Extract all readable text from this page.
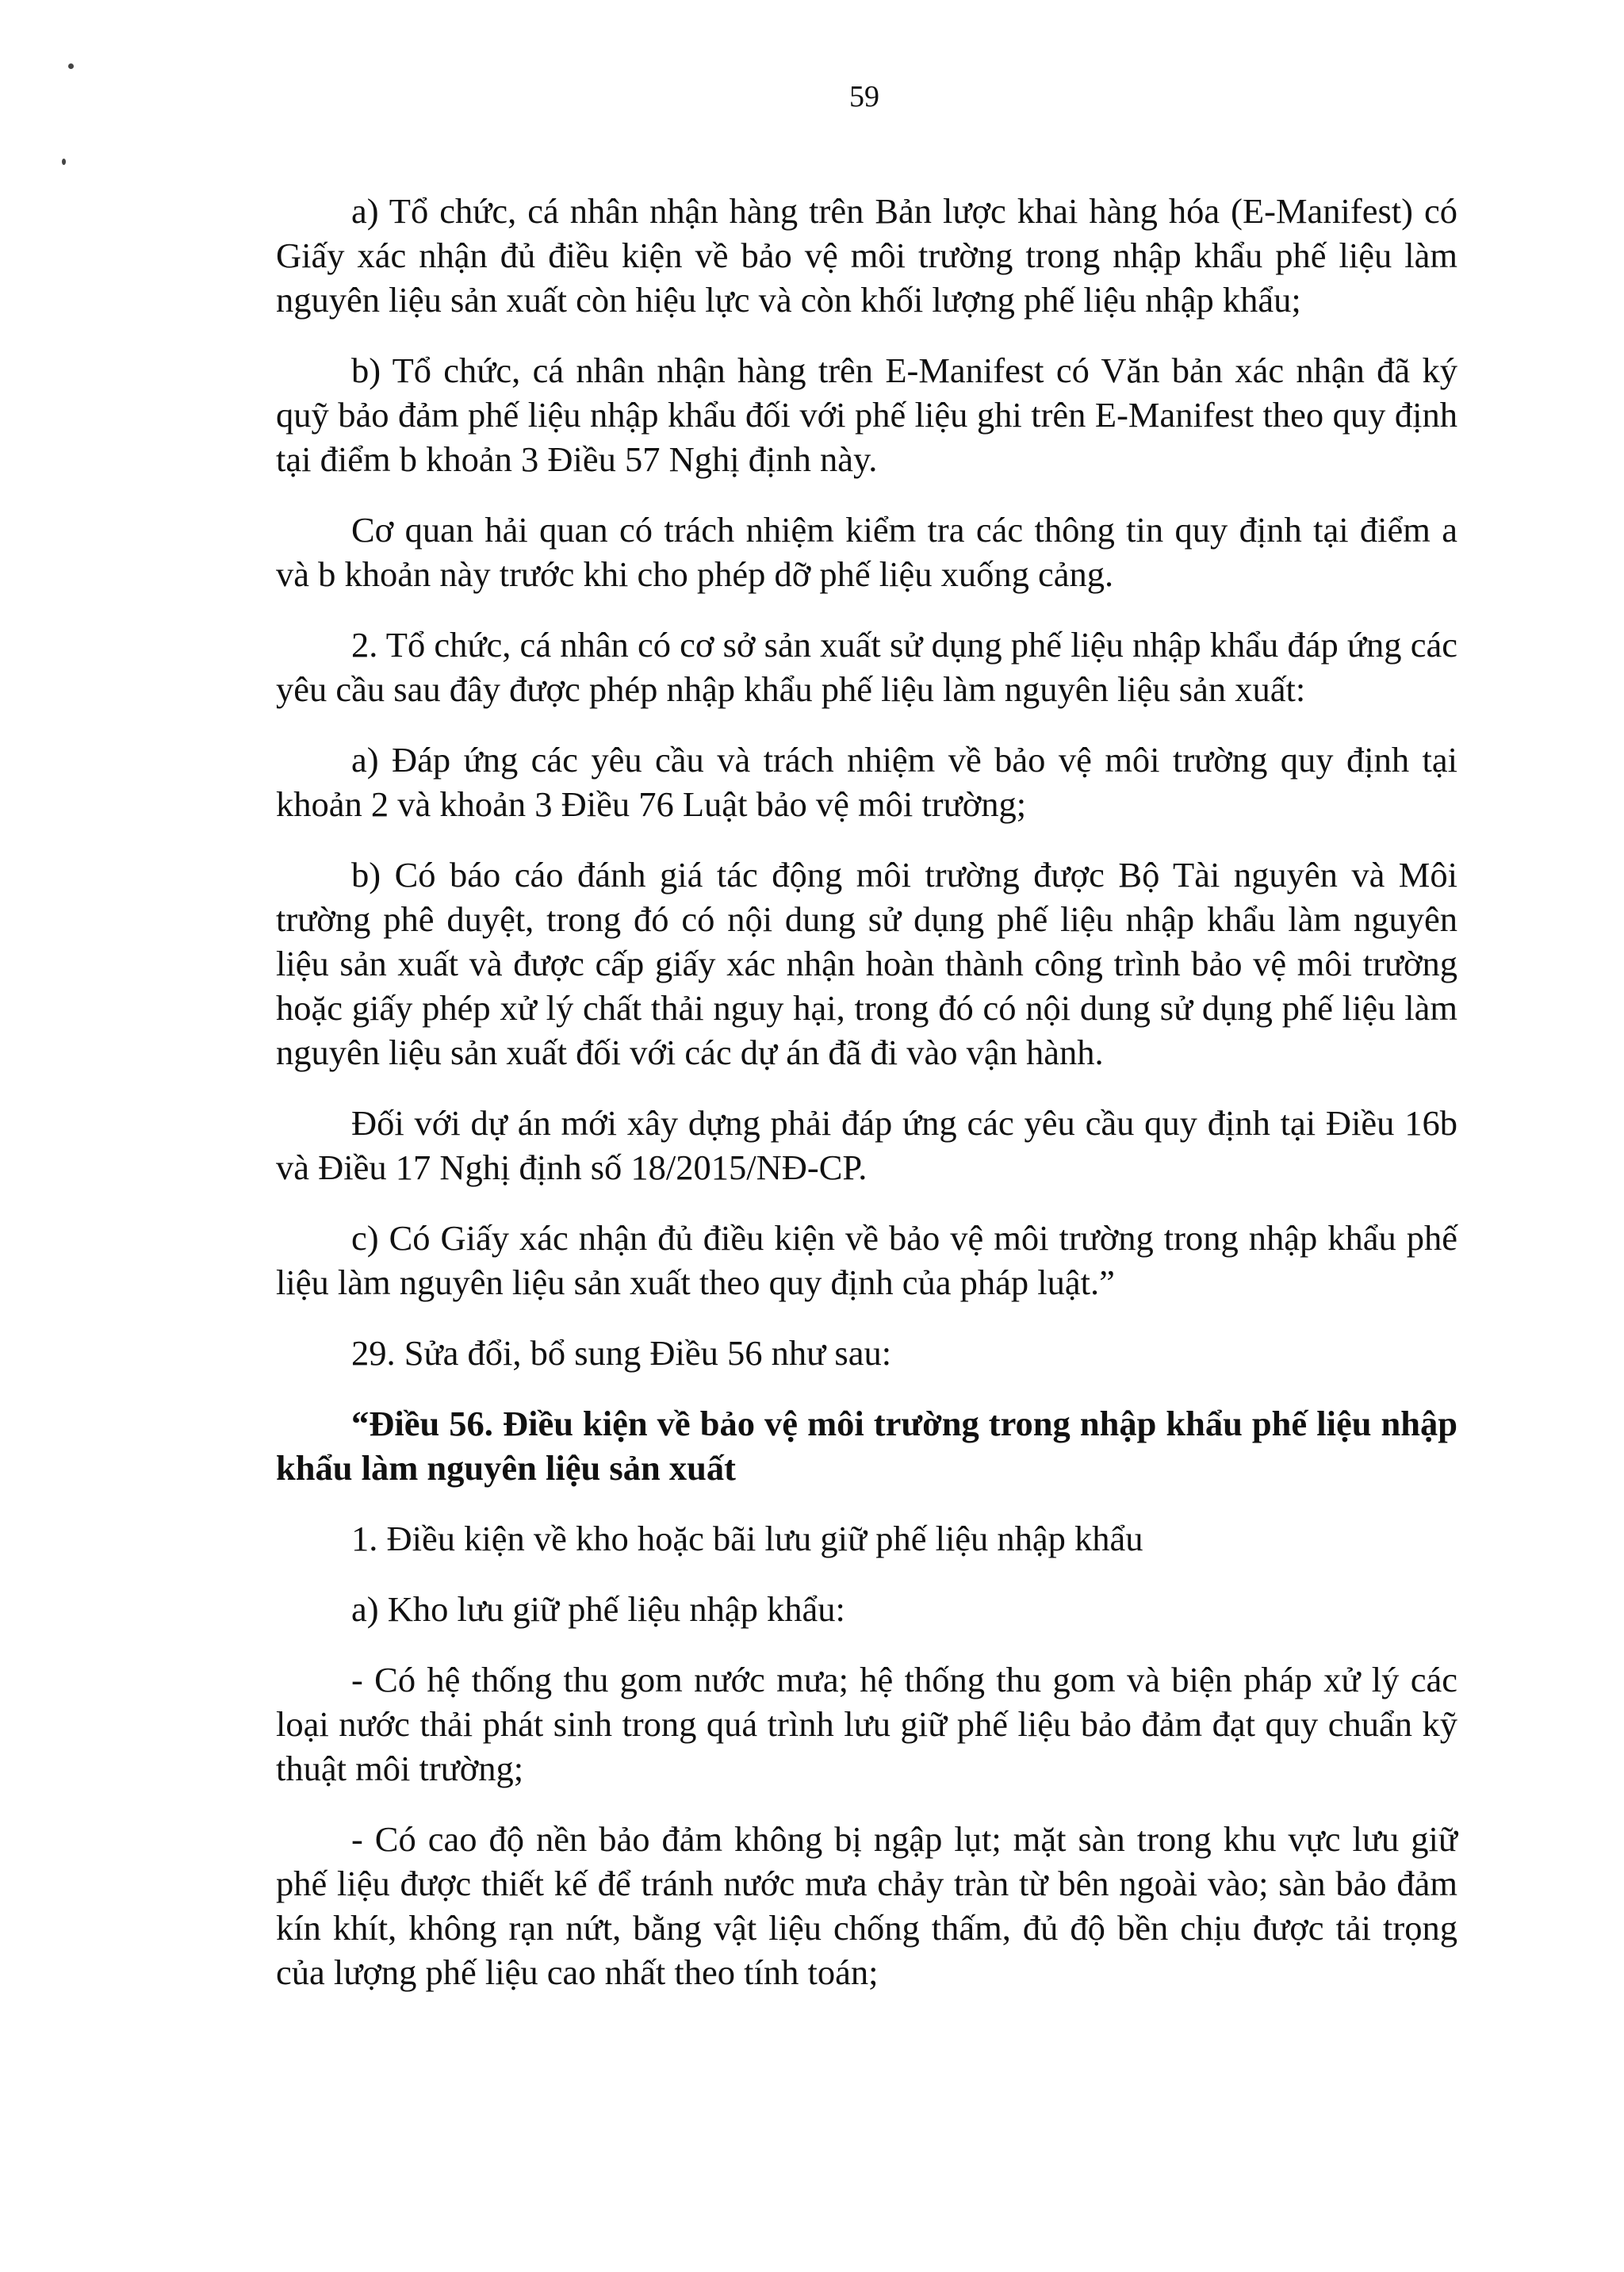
59

a) Tổ chức, cá nhân nhận hàng trên Bản lược khai hàng hóa (E-Manifest) có Giấy xác nhận đủ điều kiện về bảo vệ môi trường trong nhập khẩu phế liệu làm nguyên liệu sản xuất còn hiệu lực và còn khối lượng phế liệu nhập khẩu;

b) Tổ chức, cá nhân nhận hàng trên E-Manifest có Văn bản xác nhận đã ký quỹ bảo đảm phế liệu nhập khẩu đối với phế liệu ghi trên E-Manifest theo quy định tại điểm b khoản 3 Điều 57 Nghị định này.

Cơ quan hải quan có trách nhiệm kiểm tra các thông tin quy định tại điểm a và b khoản này trước khi cho phép dỡ phế liệu xuống cảng.

2. Tổ chức, cá nhân có cơ sở sản xuất sử dụng phế liệu nhập khẩu đáp ứng các yêu cầu sau đây được phép nhập khẩu phế liệu làm nguyên liệu sản xuất:

a) Đáp ứng các yêu cầu và trách nhiệm về bảo vệ môi trường quy định tại khoản 2 và khoản 3 Điều 76 Luật bảo vệ môi trường;

b) Có báo cáo đánh giá tác động môi trường được Bộ Tài nguyên và Môi trường phê duyệt, trong đó có nội dung sử dụng phế liệu nhập khẩu làm nguyên liệu sản xuất và được cấp giấy xác nhận hoàn thành công trình bảo vệ môi trường hoặc giấy phép xử lý chất thải nguy hại, trong đó có nội dung sử dụng phế liệu làm nguyên liệu sản xuất đối với các dự án đã đi vào vận hành.

Đối với dự án mới xây dựng phải đáp ứng các yêu cầu quy định tại Điều 16b và Điều 17 Nghị định số 18/2015/NĐ-CP.

c) Có Giấy xác nhận đủ điều kiện về bảo vệ môi trường trong nhập khẩu phế liệu làm nguyên liệu sản xuất theo quy định của pháp luật.”

29. Sửa đổi, bổ sung Điều 56 như sau:

“Điều 56. Điều kiện về bảo vệ môi trường trong nhập khẩu phế liệu nhập khẩu làm nguyên liệu sản xuất

1. Điều kiện về kho hoặc bãi lưu giữ phế liệu nhập khẩu

a) Kho lưu giữ phế liệu nhập khẩu:

- Có hệ thống thu gom nước mưa; hệ thống thu gom và biện pháp xử lý các loại nước thải phát sinh trong quá trình lưu giữ phế liệu bảo đảm đạt quy chuẩn kỹ thuật môi trường;

- Có cao độ nền bảo đảm không bị ngập lụt; mặt sàn trong khu vực lưu giữ phế liệu được thiết kế để tránh nước mưa chảy tràn từ bên ngoài vào; sàn bảo đảm kín khít, không rạn nứt, bằng vật liệu chống thấm, đủ độ bền chịu được tải trọng của lượng phế liệu cao nhất theo tính toán;
